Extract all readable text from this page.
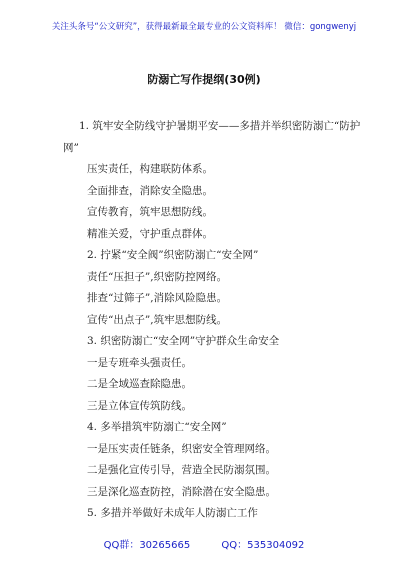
关注头条号“公文研究”，获得最新最全最专业的公文资料库！ 微信：gongwenyj
防溺亡写作提纲(30例)
1. 筑牢安全防线守护暑期平安——多措并举织密防溺亡“防护网”
压实责任，构建联防体系。
全面排查，消除安全隐患。
宣传教育，筑牢思想防线。
精准关爱，守护重点群体。
2. 拧紧“安全阀”织密防溺亡“安全网”
责任“压担子”,织密防控网络。
排查“过筛子”,消除风险隐患。
宣传“出点子”,筑牢思想防线。
3. 织密防溺亡“安全网”守护群众生命安全
一是专班牵头强责任。
二是全域巡查除隐患。
三是立体宣传筑防线。
4. 多举措筑牢防溺亡“安全网”
一是压实责任链条，织密安全管理网络。
二是强化宣传引导，营造全民防溺氛围。
三是深化巡查防控，消除潜在安全隐患。
5. 多措并举做好未成年人防溺亡工作
QQ群：30265665	QQ：535304092
